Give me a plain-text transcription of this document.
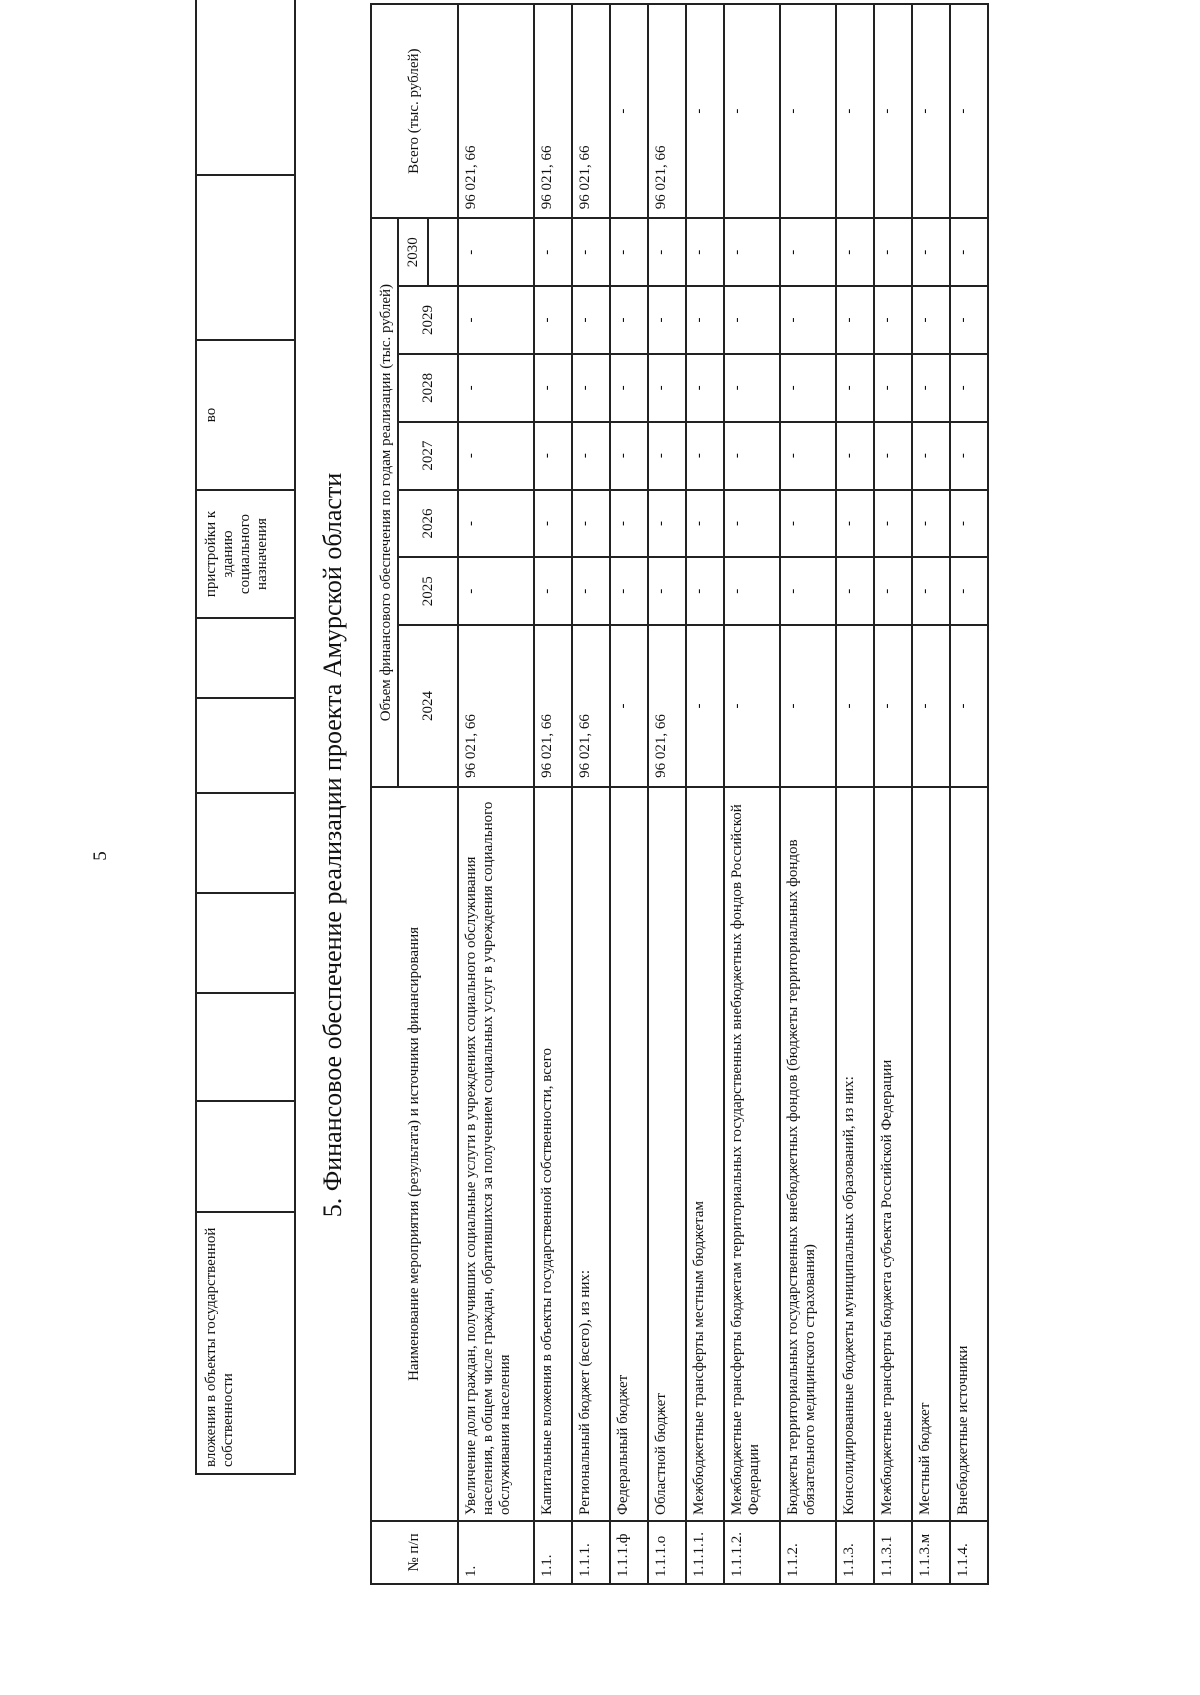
5
вложения в объекты государственной собственности							пристройки к зданию социального назначения	во		
5. Финансовое обеспечение реализации проекта Амурской области
№ п/п	Наименование мероприятия (результата) и источники финансирования	Объем финансового обеспечения по годам реализации (тыс. рублей)							Всего (тыс. рублей)
		2024	2025	2026	2027	2028	2029	2030	

1.	Увеличение доли граждан, получивших социальные услуги в учреждениях социального обслуживания населения, в общем числе граждан, обратившихся за получением социальных услуг в учреждения социального обслуживания населения	96 021, 66	-	-	-	-	-	-	96 021, 66
1.1.	Капитальные вложения в объекты государственной собственности, всего	96 021, 66	-	-	-	-	-	-	96 021, 66
1.1.1.	Региональный бюджет (всего), из них:	96 021, 66	-	-	-	-	-	-	96 021, 66
1.1.1.ф	Федеральный бюджет	-	-	-	-	-	-	-	-
1.1.1.о	Областной бюджет	96 021, 66	-	-	-	-	-	-	96 021, 66
1.1.1.1.	Межбюджетные трансферты местным бюджетам	-	-	-	-	-	-	-	-
1.1.1.2.	Межбюджетные трансферты бюджетам территориальных государственных внебюджетных фондов Российской Федерации	-	-	-	-	-	-	-	-
1.1.2.	Бюджеты территориальных государственных внебюджетных фондов (бюджеты территориальных фондов обязательного медицинского страхования)	-	-	-	-	-	-	-	-
1.1.3.	Консолидированные бюджеты муниципальных образований, из них:	-	-	-	-	-	-	-	-
1.1.3.1	Межбюджетные трансферты бюджета субъекта Российской Федерации	-	-	-	-	-	-	-	-
1.1.3.м	Местный бюджет	-	-	-	-	-	-	-	-
1.1.4.	Внебюджетные источники	-	-	-	-	-	-	-	-
